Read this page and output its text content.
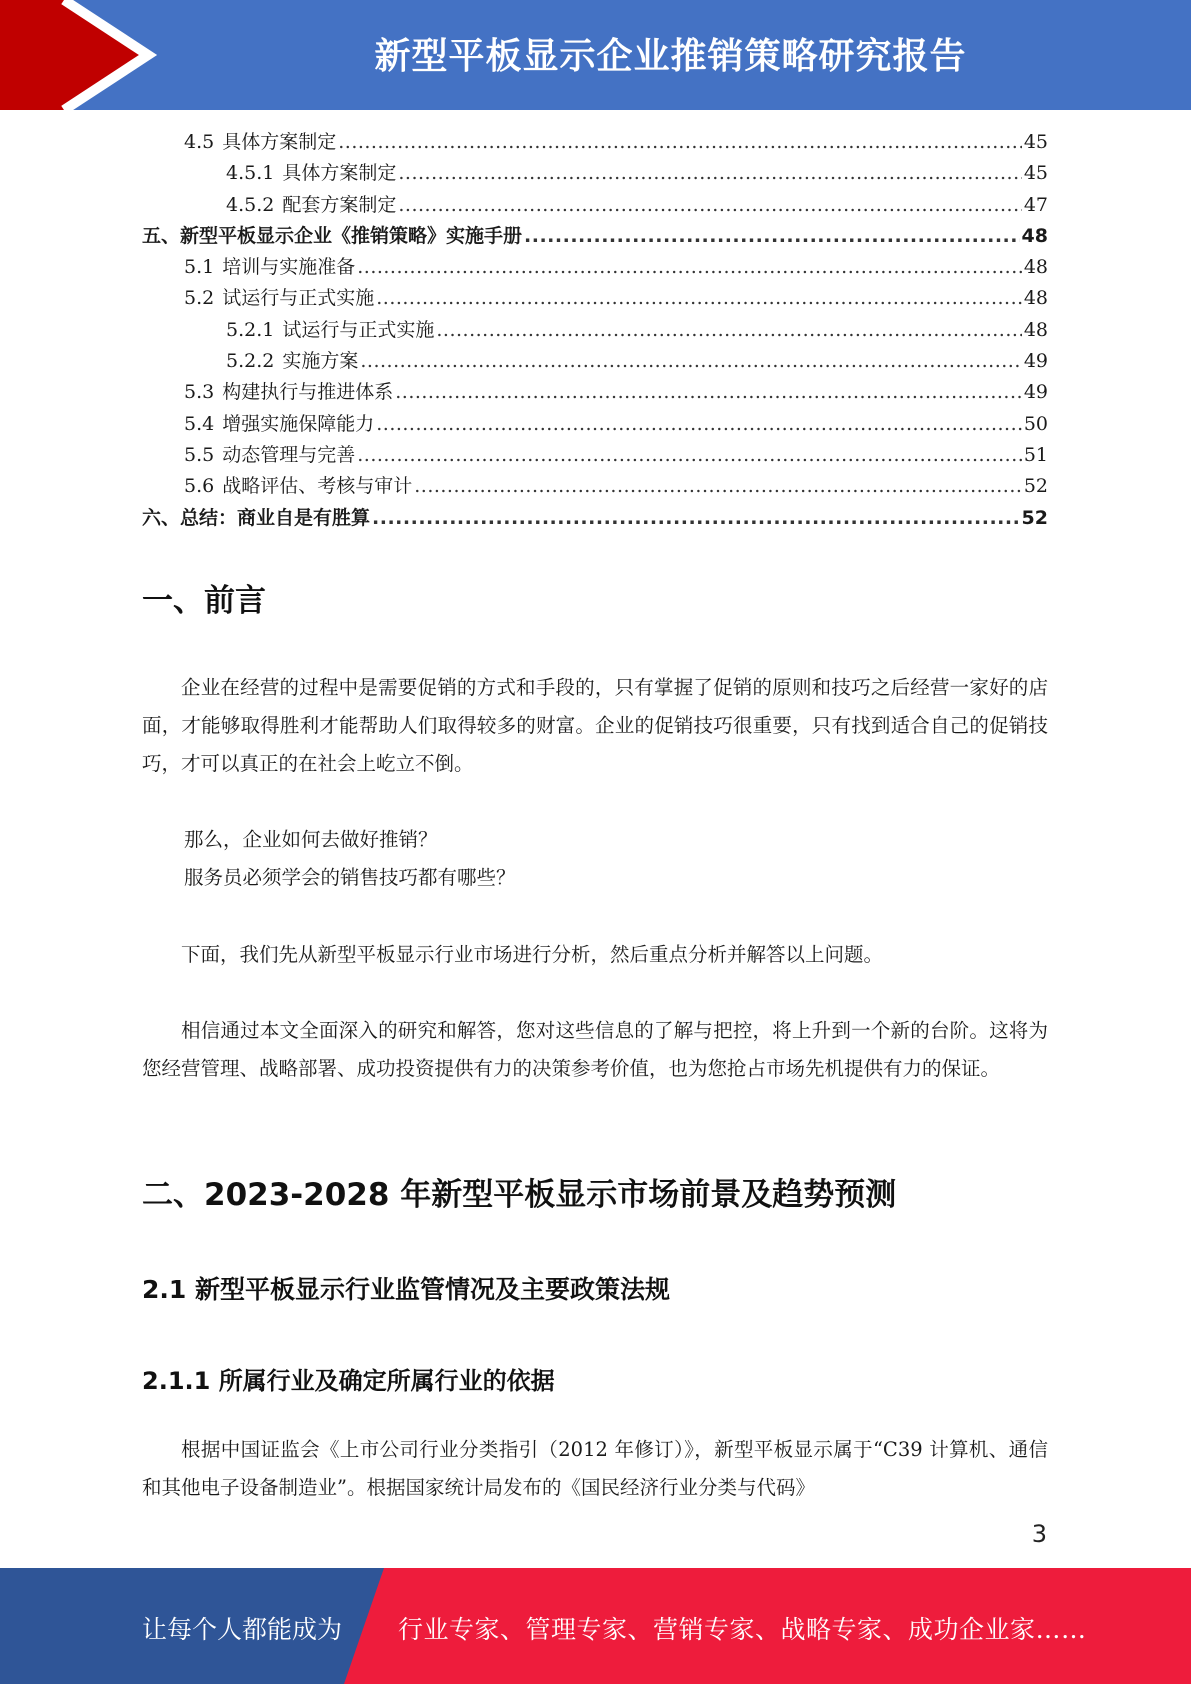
新型平板显示企业推销策略研究报告
4.5 具体方案制定 .....	45
4.5.1 具体方案制定 .....	45
4.5.2 配套方案制定 .....	47
五、 新型平板显示企业《推销策略》实施手册 .....	48
5.1 培训与实施准备 .....	48
5.2 试运行与正式实施 .....	48
5.2.1 试运行与正式实施 .....	48
5.2.2 实施方案 .....	49
5.3 构建执行与推进体系 .....	49
5.4 增强实施保障能力 .....	50
5.5 动态管理与完善 .....	51
5.6 战略评估、考核与审计 .....	52
六、 总结：商业自是有胜算 .....	52
一、前言

企业在经营的过程中是需要促销的方式和手段的，只有掌握了促销的原则和技巧之后经营一家好的店面，才能够取得胜利才能帮助人们取得较多的财富。企业的促销技巧很重要，只有找到适合自己的促销技巧，才可以真正的在社会上屹立不倒。

那么，企业如何去做好推销？

服务员必须学会的销售技巧都有哪些？

下面，我们先从新型平板显示行业市场进行分析，然后重点分析并解答以上问题。

相信通过本文全面深入的研究和解答，您对这些信息的了解与把控，将上升到一个新的台阶。这将为您经营管理、战略部署、成功投资提供有力的决策参考价值，也为您抢占市场先机提供有力的保证。

二、2023-2028 年新型平板显示市场前景及趋势预测
2.1 新型平板显示行业监管情况及主要政策法规
2.1.1 所属行业及确定所属行业的依据

根据中国证监会《上市公司行业分类指引（2012 年修订）》，新型平板显示属于“C39 计算机、通信和其他电子设备制造业”。根据国家统计局发布的《国民经济行业分类与代码》

3
让每个人都能成为 行业专家、管理专家、营销专家、战略专家、成功企业家……
